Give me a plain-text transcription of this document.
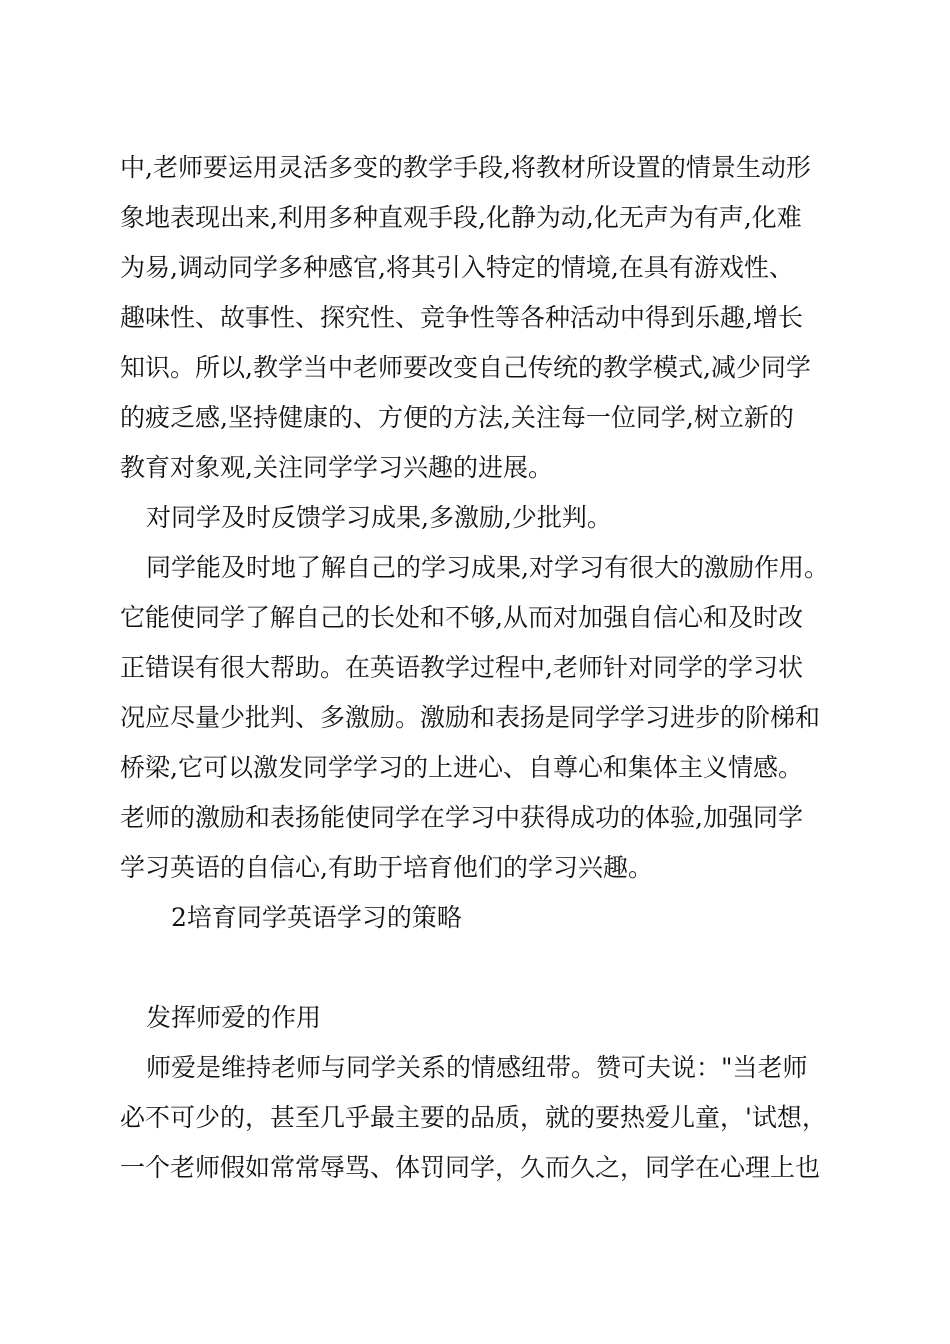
中,老师要运用灵活多变的教学手段,将教材所设置的情景生动形
象地表现出来,利用多种直观手段,化静为动,化无声为有声,化难
为易,调动同学多种感官,将其引入特定的情境,在具有游戏性、
趣味性、故事性、探究性、竞争性等各种活动中得到乐趣,增长
知识。所以,教学当中老师要改变自己传统的教学模式,减少同学
的疲乏感,坚持健康的、方便的方法,关注每一位同学,树立新的
教育对象观,关注同学学习兴趣的进展。
对同学及时反馈学习成果,多激励,少批判。
同学能及时地了解自己的学习成果,对学习有很大的激励作用。
它能使同学了解自己的长处和不够,从而对加强自信心和及时改
正错误有很大帮助。在英语教学过程中,老师针对同学的学习状
况应尽量少批判、多激励。激励和表扬是同学学习进步的阶梯和
桥梁,它可以激发同学学习的上进心、自尊心和集体主义情感。
老师的激励和表扬能使同学在学习中获得成功的体验,加强同学
学习英语的自信心,有助于培育他们的学习兴趣。
2培育同学英语学习的策略
发挥师爱的作用
师爱是维持老师与同学关系的情感纽带。赞可夫说："当老师
必不可少的，甚至几乎最主要的品质，就的要热爱儿童，'试想，
一个老师假如常常辱骂、体罚同学，久而久之，同学在心理上也
